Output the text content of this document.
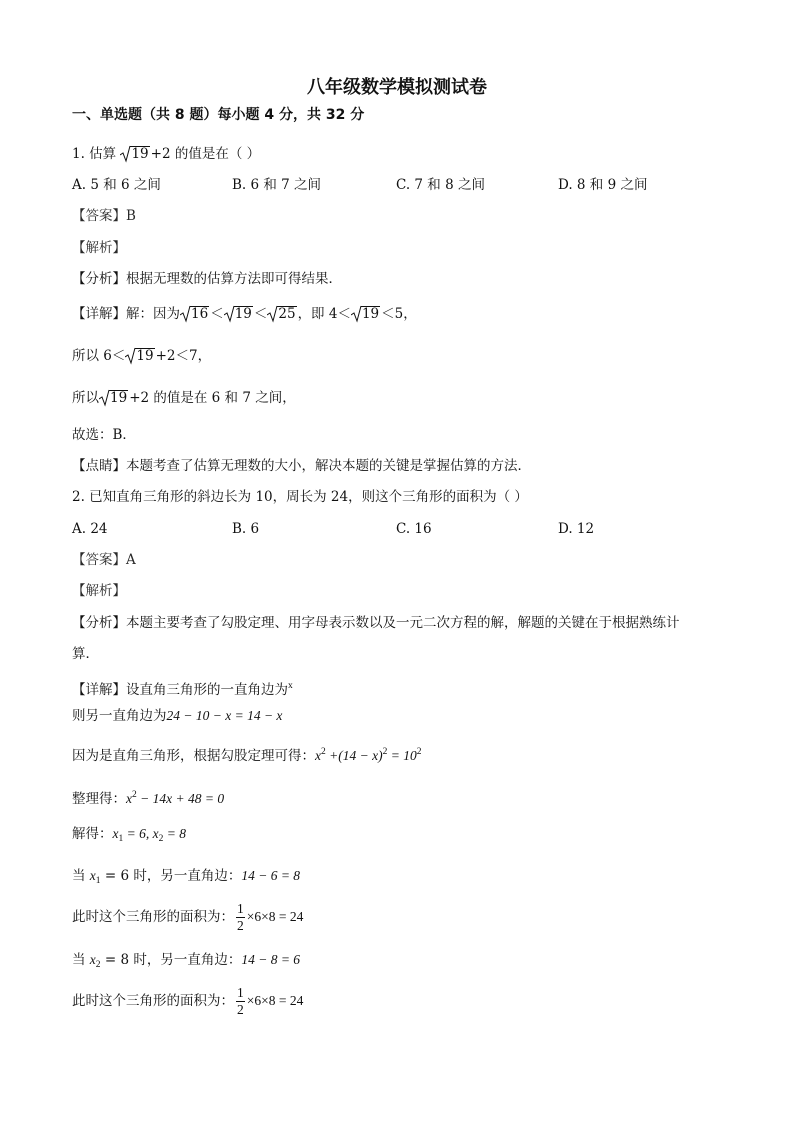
八年级数学模拟测试卷
一、单选题（共 8 题）每小题 4 分，共 32 分
1. 估算 19 +2 的值是在（ ）
A. 5 和 6 之间	B. 6 和 7 之间	C. 7 和 8 之间	D. 8 和 9 之间
【答案】B
【解析】
【分析】根据无理数的估算方法即可得结果．
【详解】解：因为 16 ＜ 19 ＜ 25 ，即 4＜ 19 ＜5，
所以 6＜ 19 +2＜7，
所以 19 +2 的值是在 6 和 7 之间，
故选：B．
【点睛】本题考查了估算无理数的大小，解决本题的关键是掌握估算的方法．
2. 已知直角三角形的斜边长为 10，周长为 24，则这个三角形的面积为（ ）
A. 24	B. 6	C. 16	D. 12
【答案】A
【解析】
【分析】本题主要考查了勾股定理、用字母表示数以及一元二次方程的解，解题的关键在于根据熟练计
算．
【详解】设直角三角形的一直角边为$^x$
则另一直角边为24 − 10 − x = 14 − x
因为是直角三角形，根据勾股定理可得：$x^2 +(14 - x)^2 = 10^2$
整理得：$x^2 - 14x + 48 = 0$
解得：$x_1 = 6$, $x_2 = 8$
当 $x_1 = 6$ 时，另一直角边：14 − 6 = 8
此时这个三角形的面积为： $\frac{1}{2} \times 6\times 8 = 24$
当 $x_2 = 8$ 时，另一直角边：14 − 8 = 6
此时这个三角形的面积为： $\frac{1}{2} \times 6\times 8 = 24$
